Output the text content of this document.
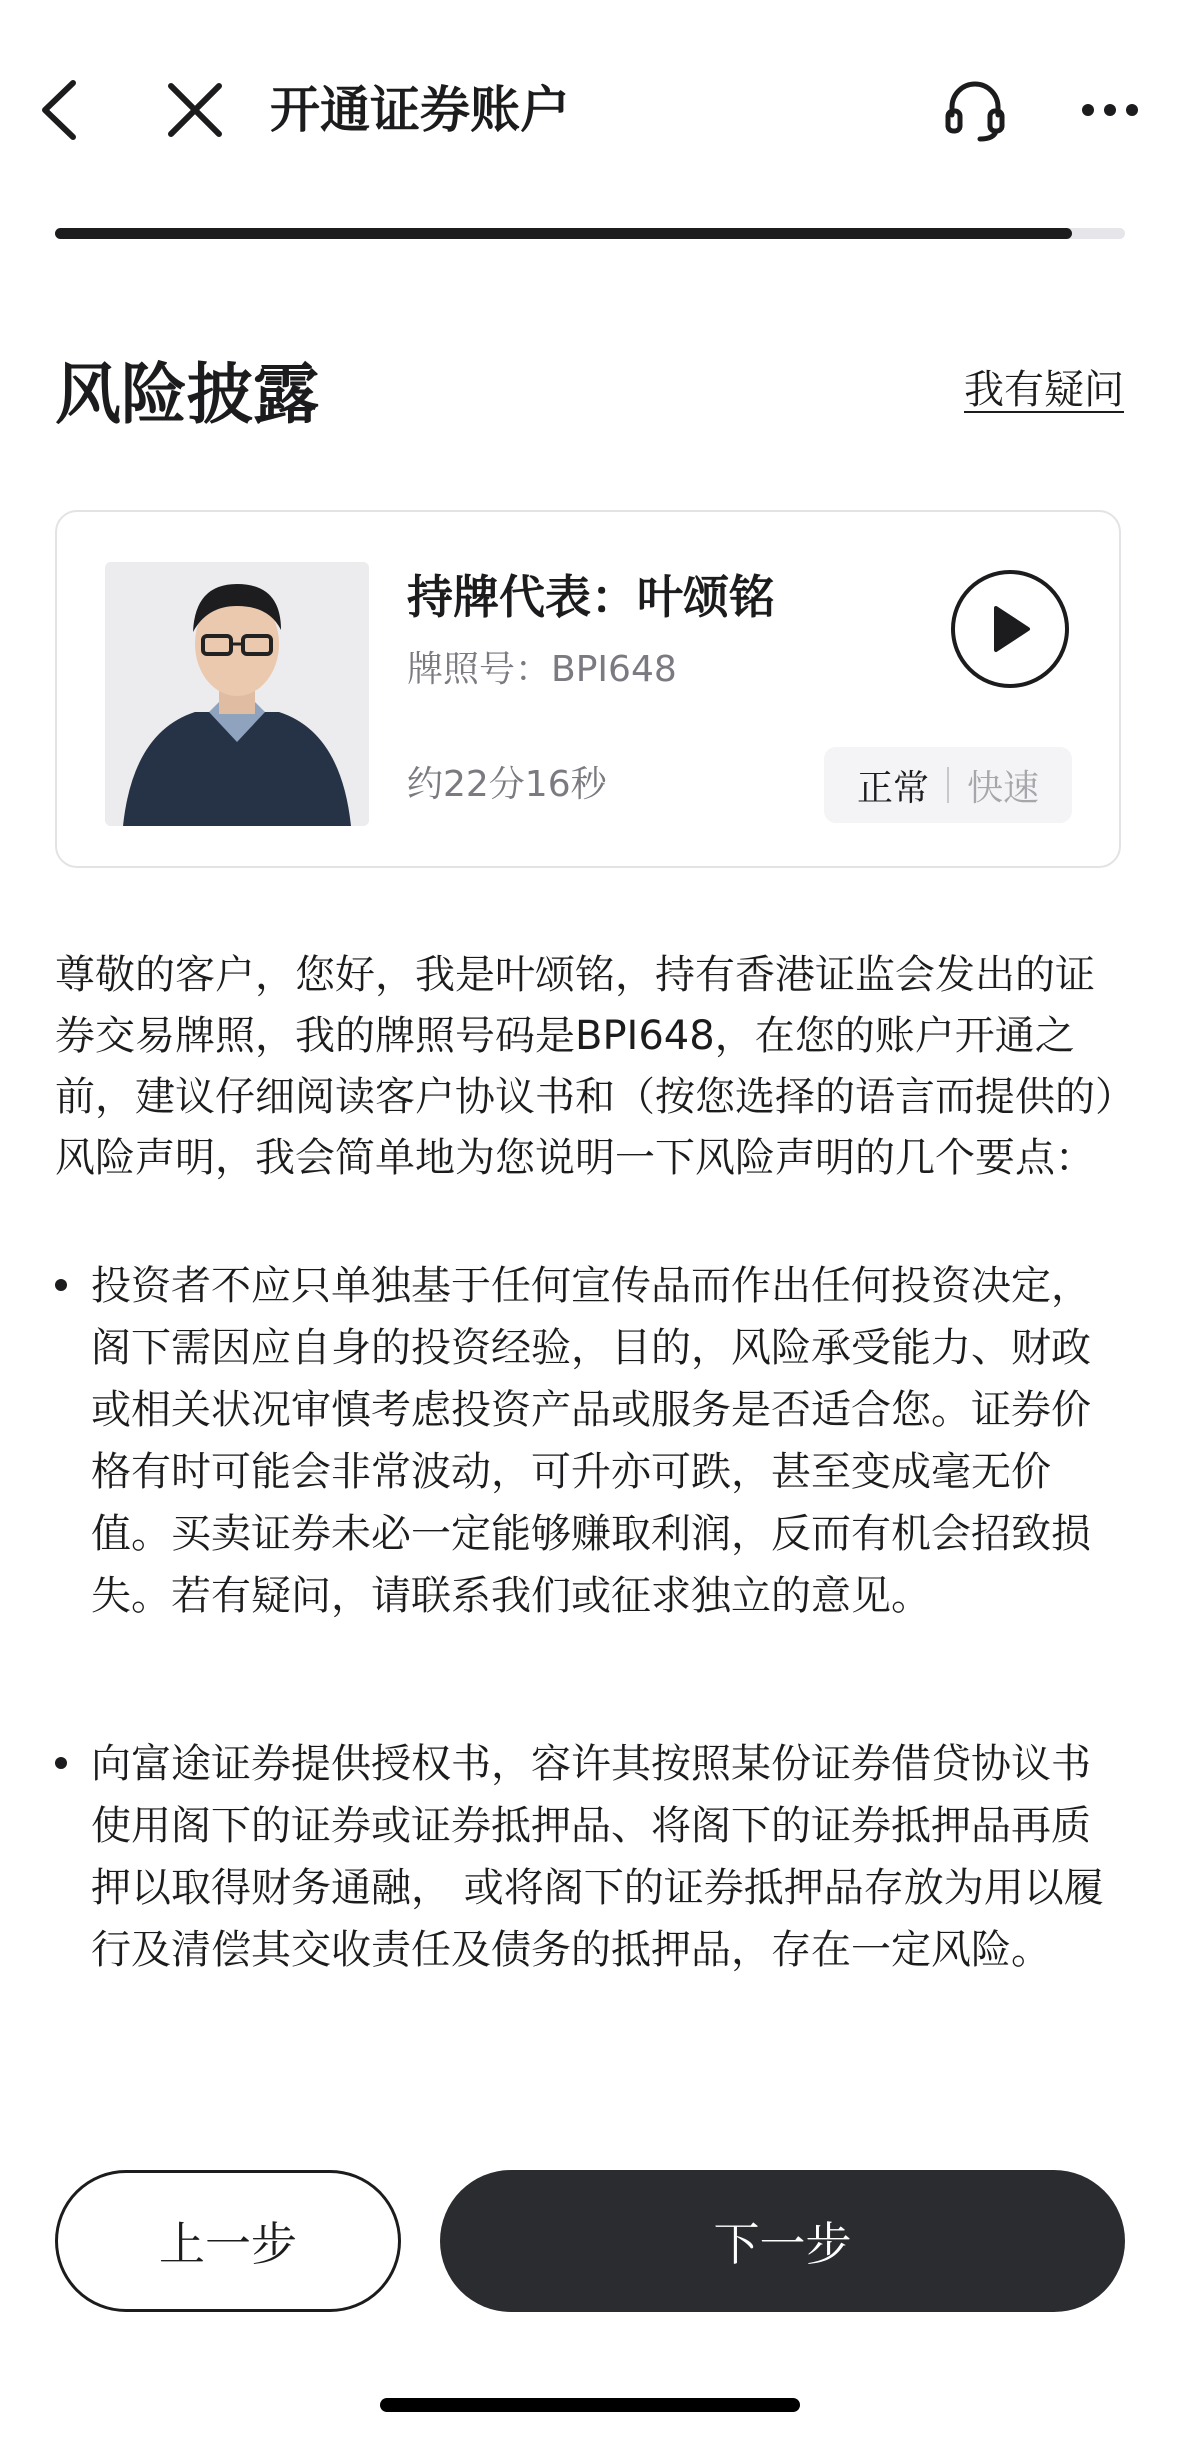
开通证券账户
风险披露	我有疑问
持牌代表：叶颂铭
牌照号：BPI648
约22分16秒	正常	快速
尊敬的客户，您好，我是叶颂铭，持有香港证监会发出的证券交易牌照，我的牌照号码是BPI648，在您的账户开通之前，建议仔细阅读客户协议书和（按您选择的语言而提供的）风险声明，我会简单地为您说明一下风险声明的几个要点：
投资者不应只单独基于任何宣传品而作出任何投资决定，阁下需因应自身的投资经验，目的，风险承受能力、财政或相关状况审慎考虑投资产品或服务是否适合您。证券价格有时可能会非常波动，可升亦可跌，甚至变成毫无价值。买卖证券未必一定能够赚取利润，反而有机会招致损失。若有疑问，请联系我们或征求独立的意见。
向富途证券提供授权书，容许其按照某份证券借贷协议书使用阁下的证券或证券抵押品、将阁下的证券抵押品再质押以取得财务通融， 或将阁下的证券抵押品存放为用以履行及清偿其交收责任及债务的抵押品，存在一定风险。
上一步	下一步
